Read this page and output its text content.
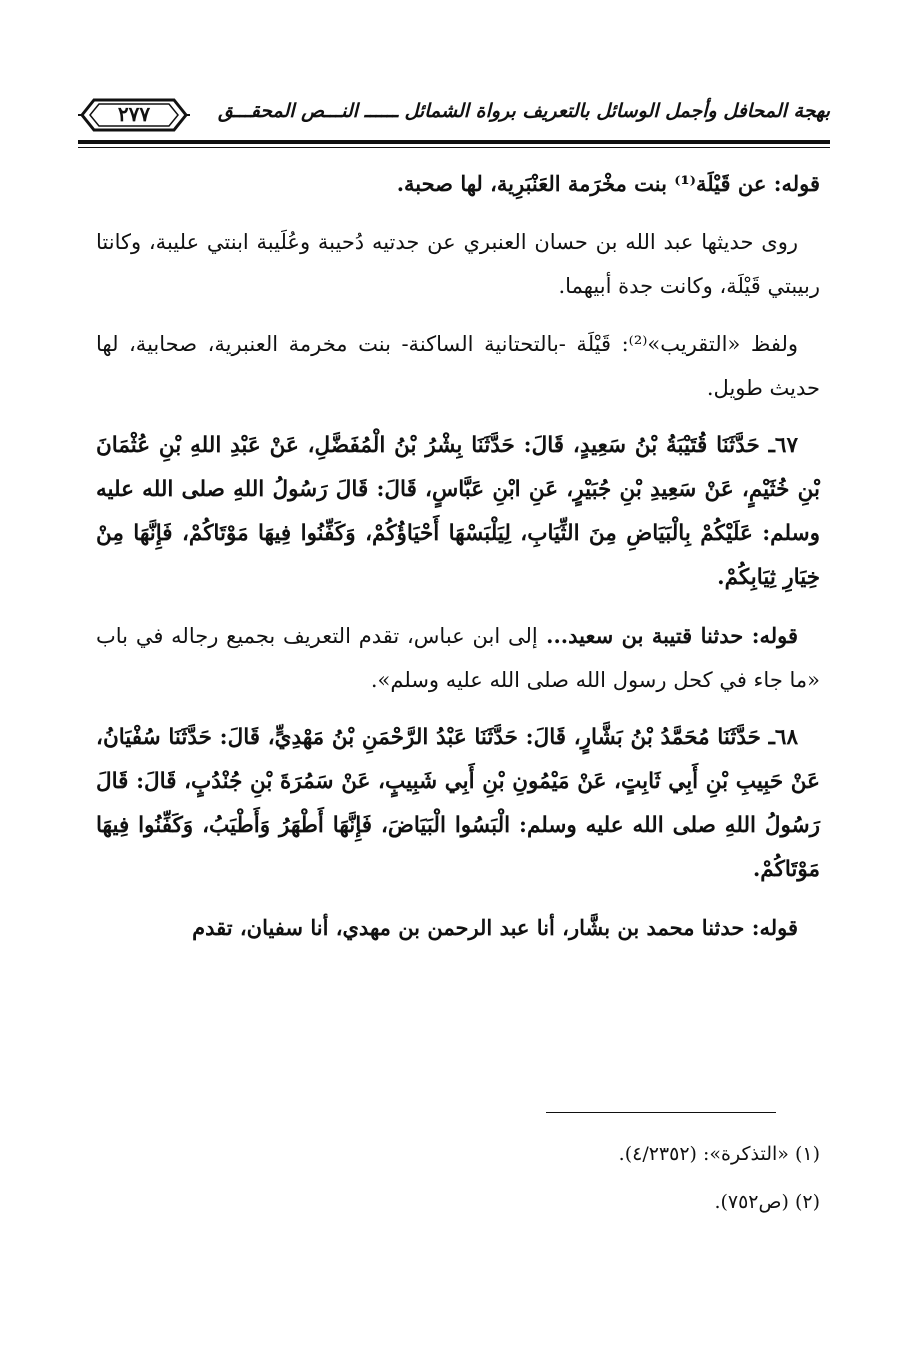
٢٧٧	بهجة المحافل وأجمل الوسائل بالتعريف برواة الشمائل ــــــ النـــص المحقـــق

قوله: عن قَيْلَة⁽¹⁾ بنت مخْرَمة العَنْبَرِية، لها صحبة.

روى حديثها عبد الله بن حسان العنبري عن جدتيه دُحيبة وعُلَيبة ابنتي عليبة، وكانتا ربيبتي قَيْلَة، وكانت جدة أبيهما.

ولفظ «التقريب»⁽²⁾: قَيْلَة -بالتحتانية الساكنة- بنت مخرمة العنبرية، صحابية، لها حديث طويل.

٦٧ـ حَدَّثَنَا قُتَيْبَةُ بْنُ سَعِيدٍ، قَالَ: حَدَّثَنَا بِشْرُ بْنُ الْمُفَضَّلِ، عَنْ عَبْدِ اللهِ بْنِ عُثْمَانَ بْنِ خُثَيْمٍ، عَنْ سَعِيدِ بْنِ جُبَيْرٍ، عَنِ ابْنِ عَبَّاسٍ، قَالَ: قَالَ رَسُولُ اللهِ صلى الله عليه وسلم: عَلَيْكُمْ بِالْبَيَاضِ مِنَ الثِّيَابِ، لِيَلْبَسْهَا أَحْيَاؤُكُمْ، وَكَفِّنُوا فِيهَا مَوْتَاكُمْ، فَإِنَّهَا مِنْ خِيَارِ ثِيَابِكُمْ.

قوله: حدثنا قتيبة بن سعيد... إلى ابن عباس، تقدم التعريف بجميع رجاله في باب «ما جاء في كحل رسول الله صلى الله عليه وسلم».

٦٨ـ حَدَّثَنَا مُحَمَّدُ بْنُ بَشَّارٍ، قَالَ: حَدَّثَنَا عَبْدُ الرَّحْمَنِ بْنُ مَهْدِيٍّ، قَالَ: حَدَّثَنَا سُفْيَانُ، عَنْ حَبِيبِ بْنِ أَبِي ثَابِتٍ، عَنْ مَيْمُونِ بْنِ أَبِي شَبِيبٍ، عَنْ سَمُرَةَ بْنِ جُنْدُبٍ، قَالَ: قَالَ رَسُولُ اللهِ صلى الله عليه وسلم: الْبَسُوا الْبَيَاضَ، فَإِنَّهَا أَطْهَرُ وَأَطْيَبُ، وَكَفِّنُوا فِيهَا مَوْتَاكُمْ.

قوله: حدثنا محمد بن بشَّار، أنا عبد الرحمن بن مهدي، أنا سفيان، تقدم

(١) «التذكرة»: (٤/٢٣٥٢).

(٢) (ص٧٥٢).
